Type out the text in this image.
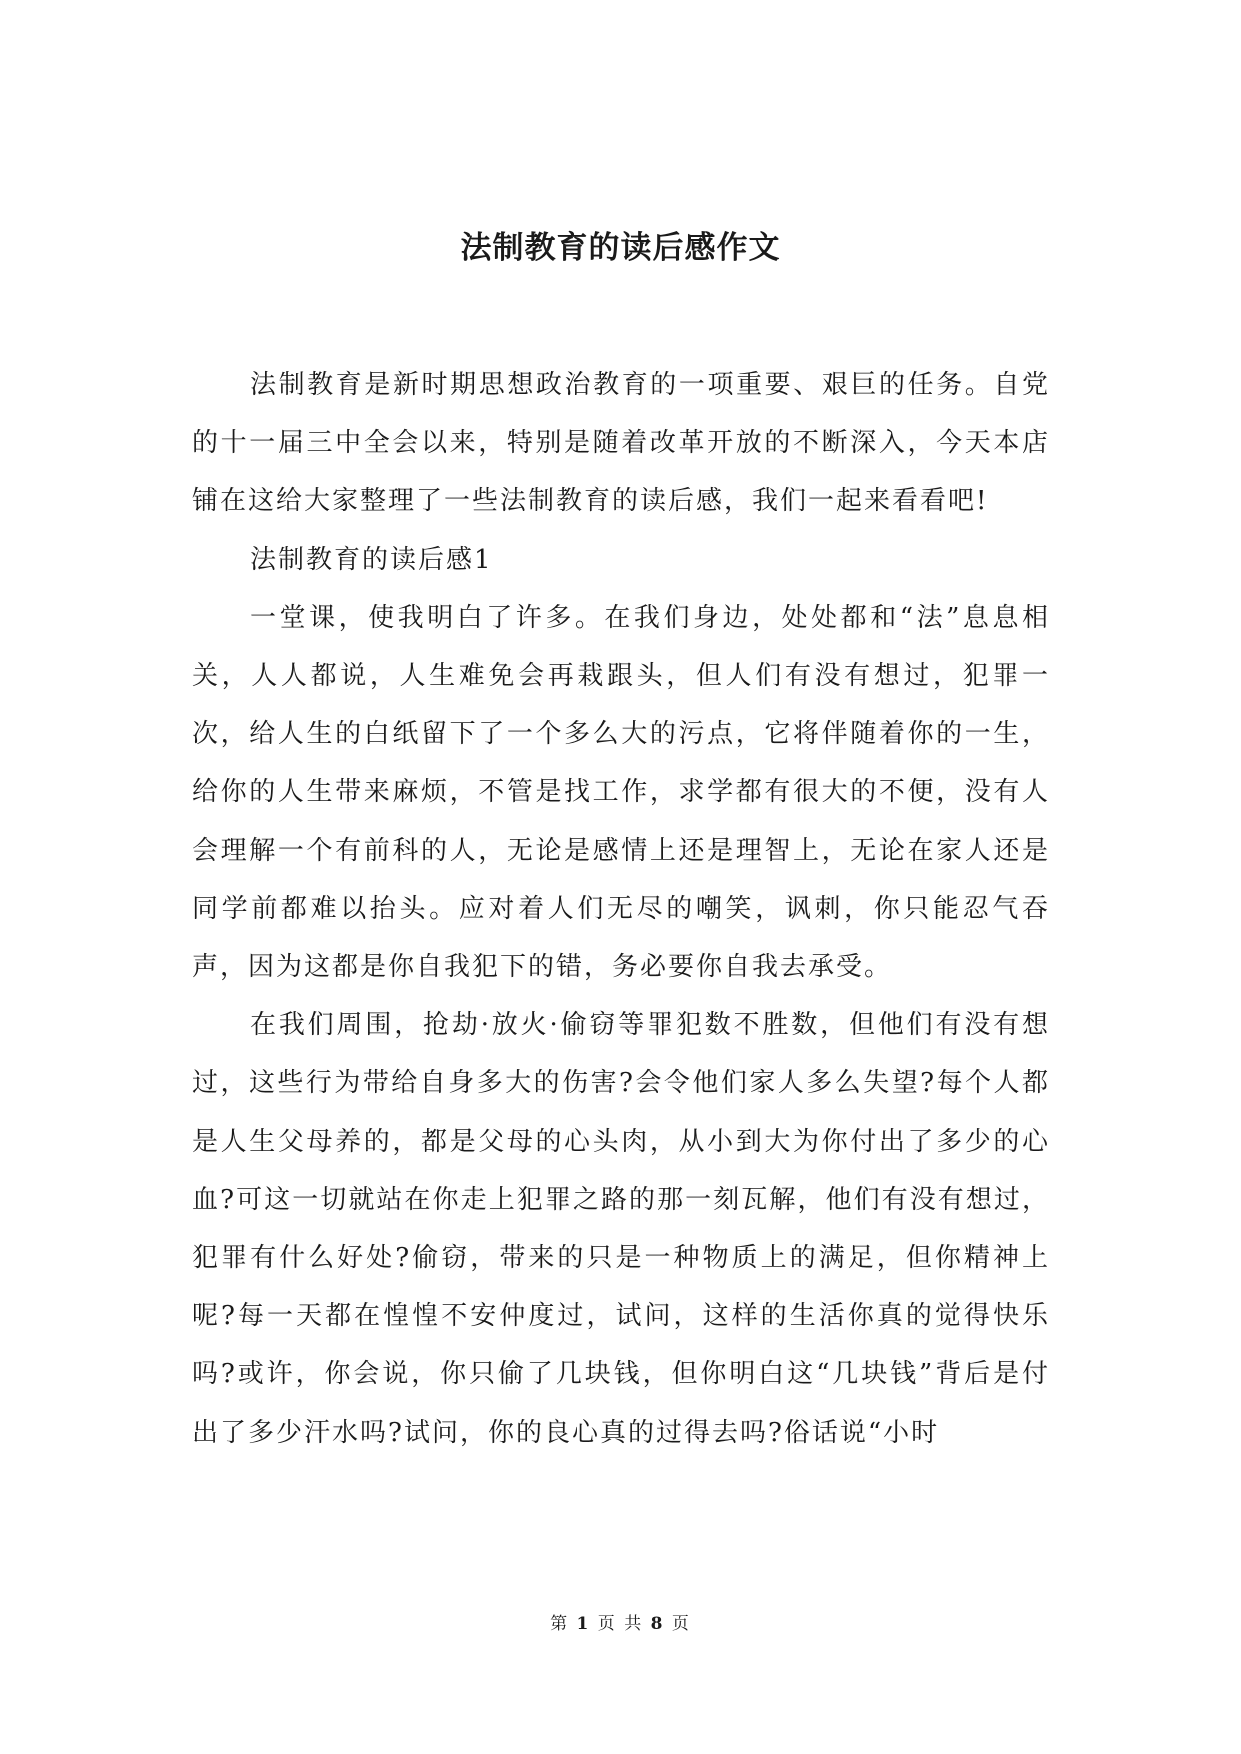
法制教育的读后感作文

法制教育是新时期思想政治教育的一项重要、艰巨的任务。自党的十一届三中全会以来，特别是随着改革开放的不断深入，今天本店铺在这给大家整理了一些法制教育的读后感，我们一起来看看吧!

法制教育的读后感1

一堂课，使我明白了许多。在我们身边，处处都和“法”息息相关，人人都说，人生难免会再栽跟头，但人们有没有想过，犯罪一次，给人生的白纸留下了一个多么大的污点，它将伴随着你的一生，给你的人生带来麻烦，不管是找工作，求学都有很大的不便，没有人会理解一个有前科的人，无论是感情上还是理智上，无论在家人还是同学前都难以抬头。应对着人们无尽的嘲笑，讽刺，你只能忍气吞声，因为这都是你自我犯下的错，务必要你自我去承受。

在我们周围，抢劫·放火·偷窃等罪犯数不胜数，但他们有没有想过，这些行为带给自身多大的伤害?会令他们家人多么失望?每个人都是人生父母养的，都是父母的心头肉，从小到大为你付出了多少的心血?可这一切就站在你走上犯罪之路的那一刻瓦解，他们有没有想过，犯罪有什么好处?偷窃，带来的只是一种物质上的满足，但你精神上呢?每一天都在惶惶不安仲度过，试问，这样的生活你真的觉得快乐吗?或许，你会说，你只偷了几块钱，但你明白这“几块钱”背后是付出了多少汗水吗?试问，你的良心真的过得去吗?俗话说“小时

第 1 页 共 8 页
